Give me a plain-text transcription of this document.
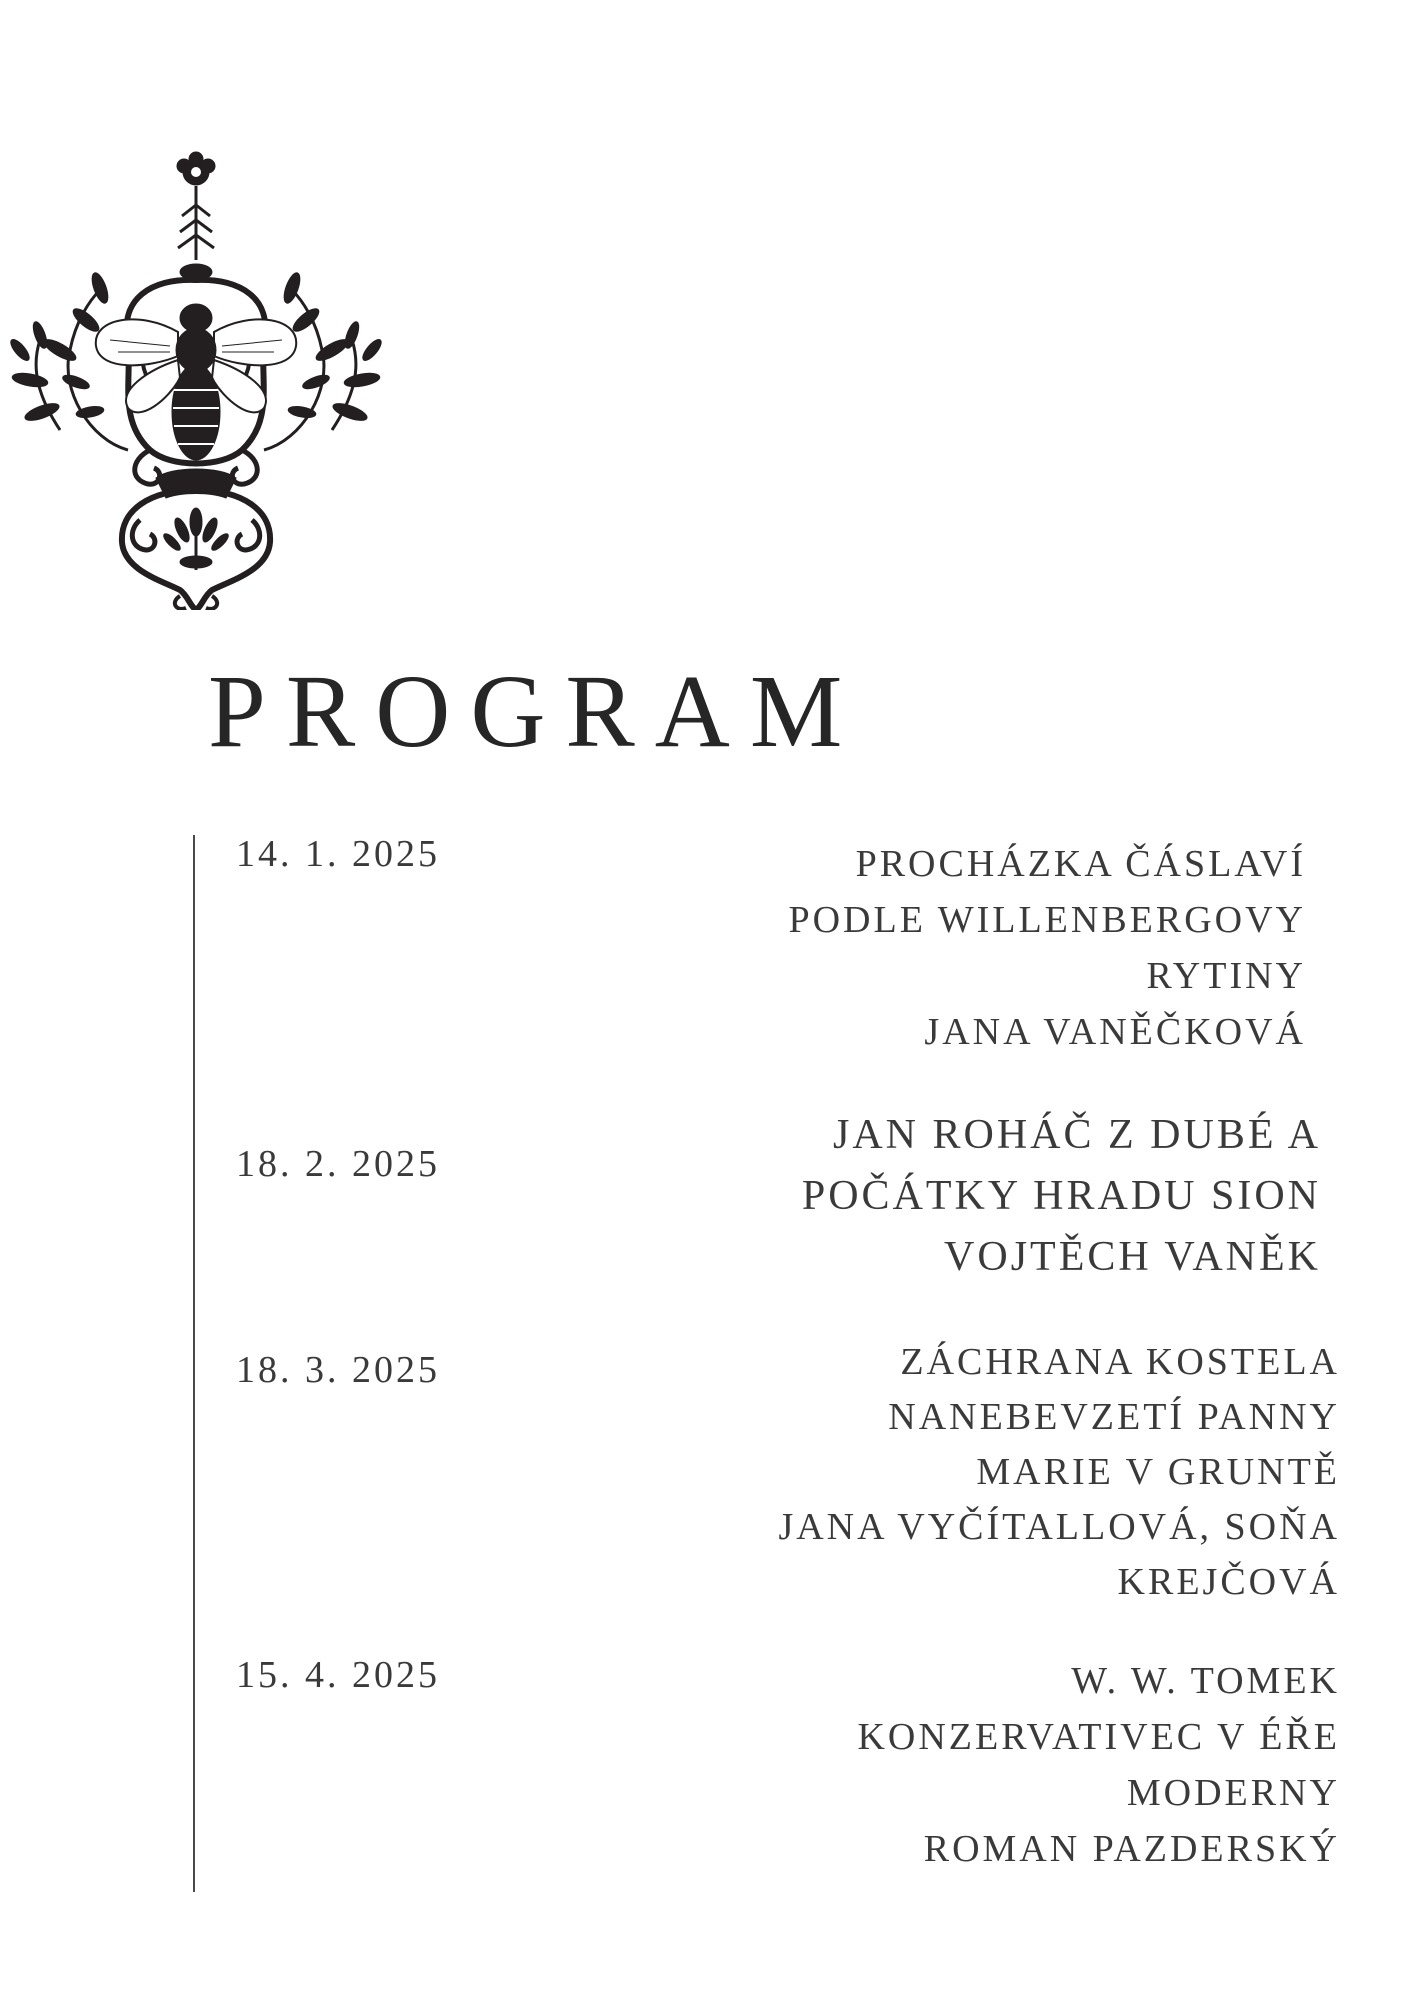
PROGRAM
14. 1. 2025	PROCHÁZKA ČÁSLAVÍ
PODLE WILLENBERGOVY
RYTINY
JANA VANĚČKOVÁ
18. 2. 2025
JAN ROHÁČ Z DUBÉ A
POČÁTKY HRADU SION
VOJTĚCH VANĚK
18. 3. 2025	ZÁCHRANA KOSTELA
NANEBEVZETÍ PANNY
MARIE V GRUNTĚ
JANA VYČÍTALLOVÁ, SOŇA
KREJČOVÁ
15. 4. 2025	W. W. TOMEK
KONZERVATIVEC V ÉŘE
MODERNY
ROMAN PAZDERSKÝ
